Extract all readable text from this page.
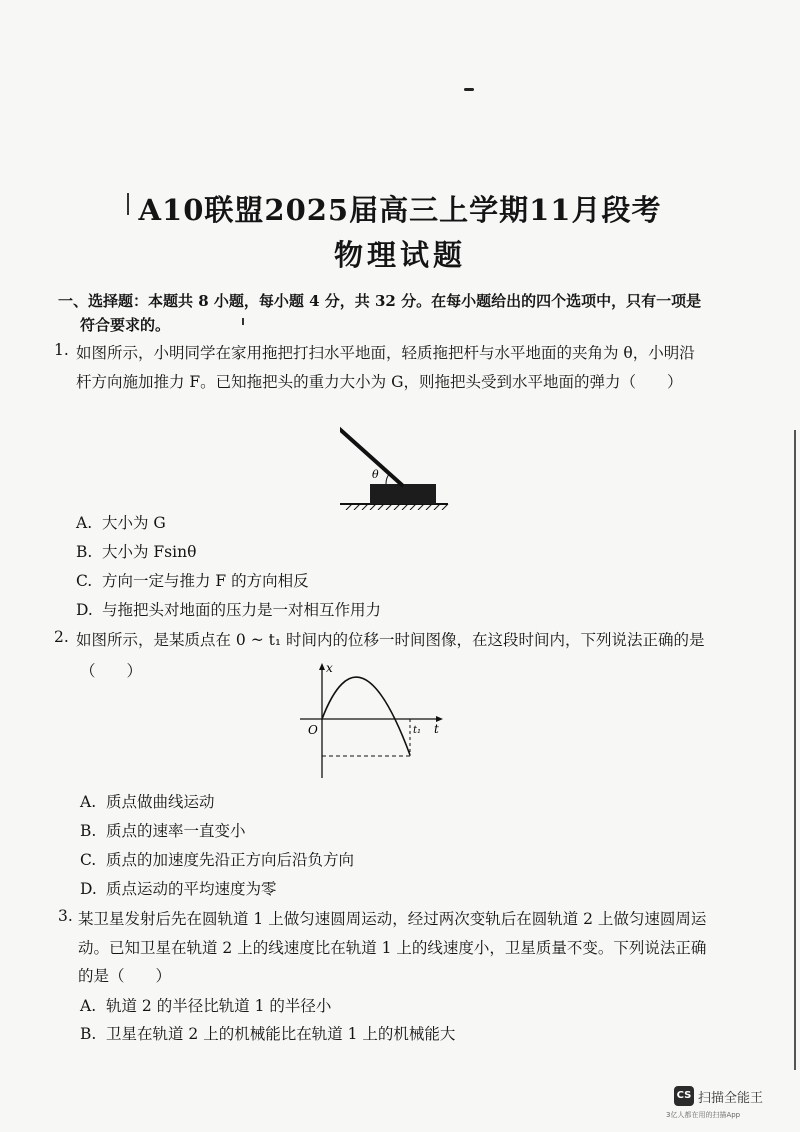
A10联盟2025届高三上学期11月段考
物理试题
一、选择题：本题共 8 小题，每小题 4 分，共 32 分。在每小题给出的四个选项中，只有一项是
符合要求的。
1. 如图所示，小明同学在家用拖把打扫水平地面，轻质拖把杆与水平地面的夹角为 θ，小明沿
杆方向施加推力 F。已知拖把头的重力大小为 G，则拖把头受到水平地面的弹力（　　）
θ
A. 大小为 G
B. 大小为 Fsinθ
C. 方向一定与推力 F 的方向相反
D. 与拖把头对地面的压力是一对相互作用力
2. 如图所示，是某质点在 0 ~ t₁ 时间内的位移一时间图像，在这段时间内，下列说法正确的是
（　　）	x
O	t₁ t
A. 质点做曲线运动
B. 质点的速率一直变小
C. 质点的加速度先沿正方向后沿负方向
D. 质点运动的平均速度为零
3. 某卫星发射后先在圆轨道 1 上做匀速圆周运动，经过两次变轨后在圆轨道 2 上做匀速圆周运
动。已知卫星在轨道 2 上的线速度比在轨道 1 上的线速度小，卫星质量不变。下列说法正确
的是（　　）
A. 轨道 2 的半径比轨道 1 的半径小
B. 卫星在轨道 2 上的机械能比在轨道 1 上的机械能大
CS 扫描全能王
3亿人都在用的扫描App
